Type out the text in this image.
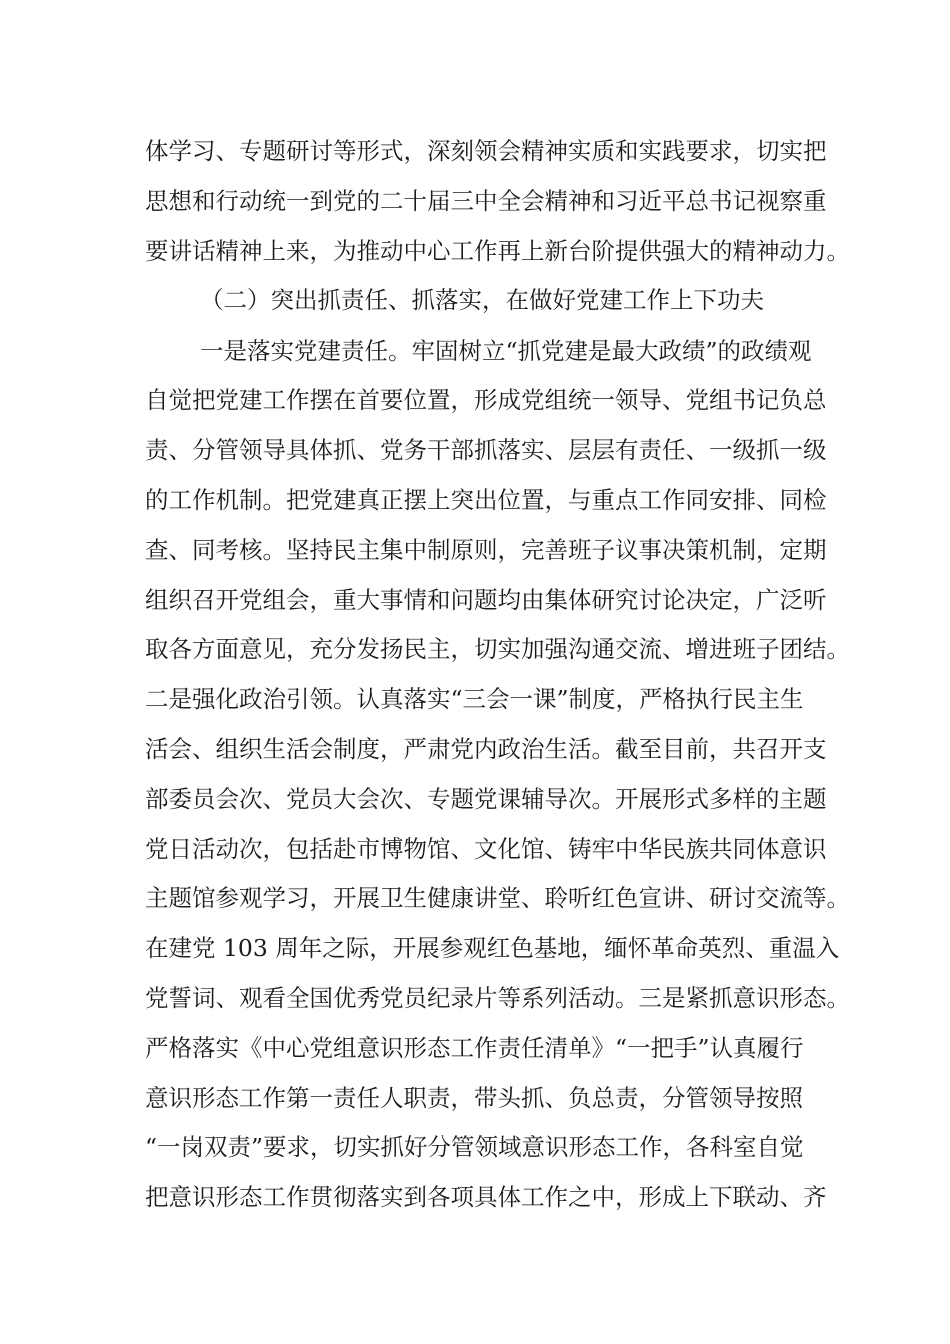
体学习、专题研讨等形式，深刻领会精神实质和实践要求，切实把
思想和行动统一到党的二十届三中全会精神和习近平总书记视察重
要讲话精神上来，为推动中心工作再上新台阶提供强大的精神动力。
（二）突出抓责任、抓落实，在做好党建工作上下功夫
一是落实党建责任。牢固树立“抓党建是最大政绩”的政绩观
自觉把党建工作摆在首要位置，形成党组统一领导、党组书记负总
责、分管领导具体抓、党务干部抓落实、层层有责任、一级抓一级
的工作机制。把党建真正摆上突出位置，与重点工作同安排、同检
查、同考核。坚持民主集中制原则，完善班子议事决策机制，定期
组织召开党组会，重大事情和问题均由集体研究讨论决定，广泛听
取各方面意见，充分发扬民主，切实加强沟通交流、增进班子团结。
二是强化政治引领。认真落实“三会一课”制度，严格执行民主生
活会、组织生活会制度，严肃党内政治生活。截至目前，共召开支
部委员会次、党员大会次、专题党课辅导次。开展形式多样的主题
党日活动次，包括赴市博物馆、文化馆、铸牢中华民族共同体意识
主题馆参观学习，开展卫生健康讲堂、聆听红色宣讲、研讨交流等。
在建党 103 周年之际，开展参观红色基地，缅怀革命英烈、重温入
党誓词、观看全国优秀党员纪录片等系列活动。三是紧抓意识形态。
严格落实《中心党组意识形态工作责任清单》“一把手”认真履行
意识形态工作第一责任人职责，带头抓、负总责，分管领导按照
“一岗双责”要求，切实抓好分管领域意识形态工作，各科室自觉
把意识形态工作贯彻落实到各项具体工作之中，形成上下联动、齐
